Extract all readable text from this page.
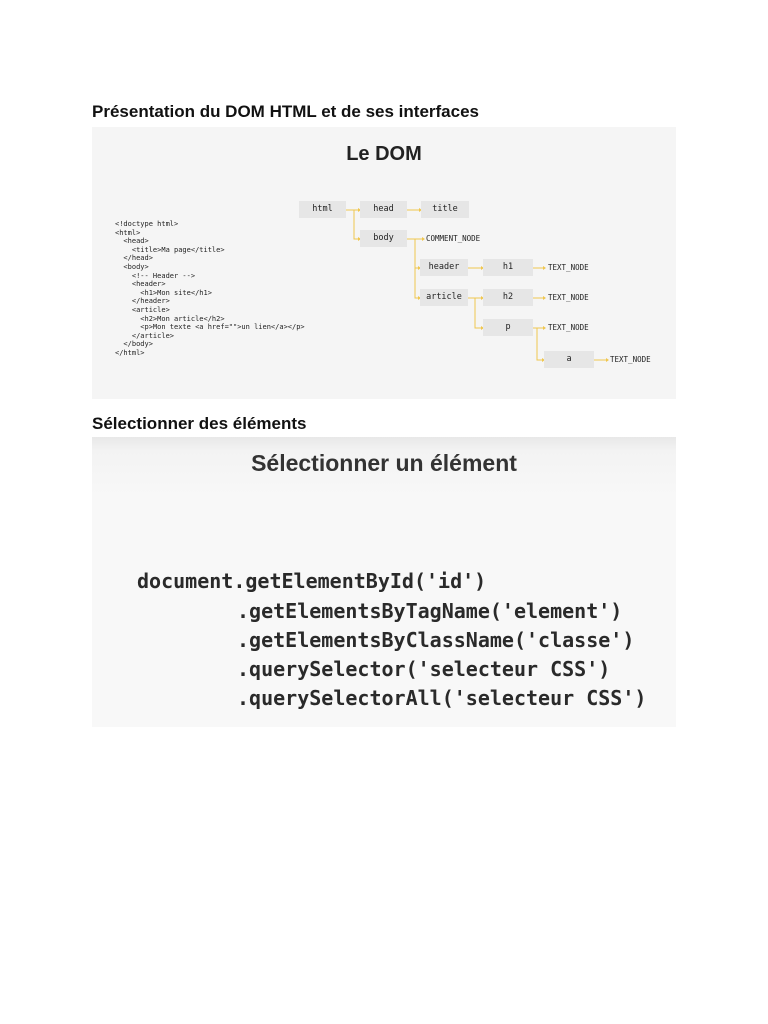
Présentation du DOM HTML et de ses interfaces
Le DOM
<!doctype html>
<html>
<head>
<title>Ma page</title>
</head>
<body>
<!-- Header -->
<header>
<h1>Mon site</h1>
</header>
<article>
<h2>Mon article</h2>
<p>Mon texte <a href="">un lien</a></p>
</article>
</body>
</html>
html	head	title
body	COMMENT_NODE
header	h1	TEXT_NODE
article	h2	TEXT_NODE
p	TEXT_NODE
a	TEXT_NODE
Sélectionner des éléments
Sélectionner un élément
document.getElementById('id')
.getElementsByTagName('element')
.getElementsByClassName('classe')
.querySelector('selecteur CSS')
.querySelectorAll('selecteur CSS')
